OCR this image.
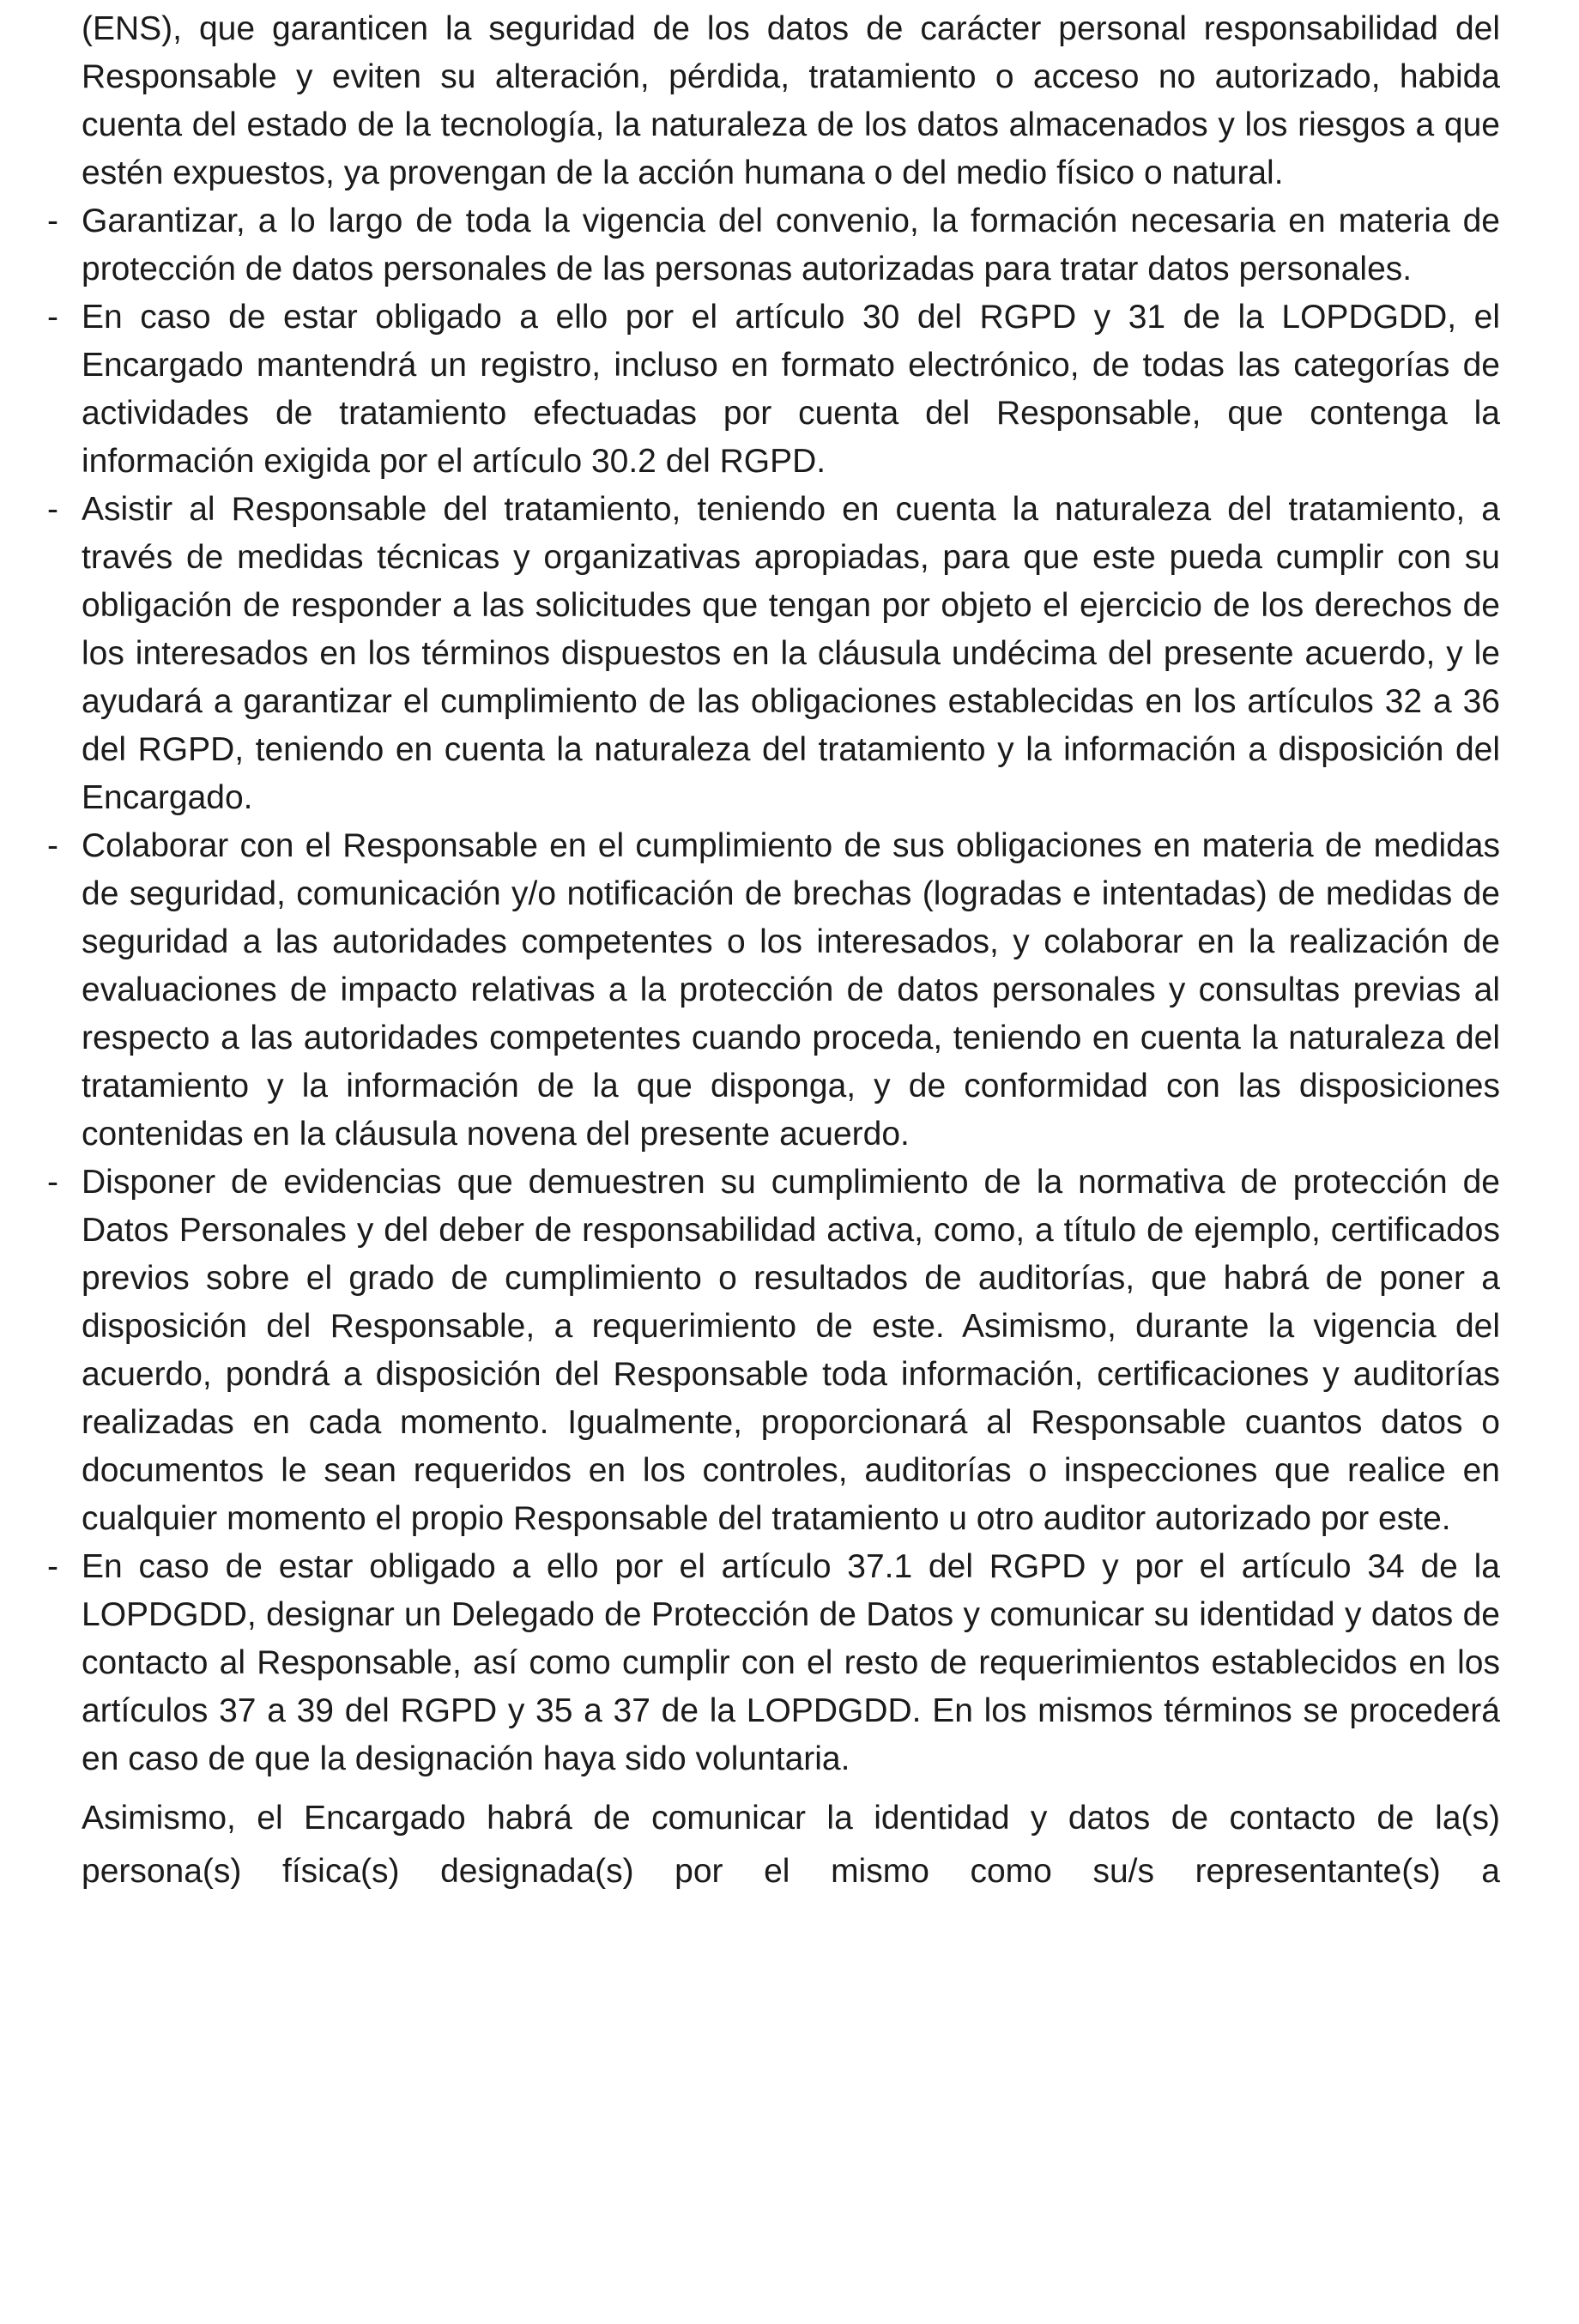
(ENS), que garanticen la seguridad de los datos de carácter personal responsabilidad del Responsable y eviten su alteración, pérdida, tratamiento o acceso no autorizado, habida cuenta del estado de la tecnología, la naturaleza de los datos almacenados y los riesgos a que estén expuestos, ya provengan de la acción humana o del medio físico o natural.
- Garantizar, a lo largo de toda la vigencia del convenio, la formación necesaria en materia de protección de datos personales de las personas autorizadas para tratar datos personales.
- En caso de estar obligado a ello por el artículo 30 del RGPD y 31 de la LOPDGDD, el Encargado mantendrá un registro, incluso en formato electrónico, de todas las categorías de actividades de tratamiento efectuadas por cuenta del Responsable, que contenga la información exigida por el artículo 30.2 del RGPD.
- Asistir al Responsable del tratamiento, teniendo en cuenta la naturaleza del tratamiento, a través de medidas técnicas y organizativas apropiadas, para que este pueda cumplir con su obligación de responder a las solicitudes que tengan por objeto el ejercicio de los derechos de los interesados en los términos dispuestos en la cláusula undécima del presente acuerdo, y le ayudará a garantizar el cumplimiento de las obligaciones establecidas en los artículos 32 a 36 del RGPD, teniendo en cuenta la naturaleza del tratamiento y la información a disposición del Encargado.
- Colaborar con el Responsable en el cumplimiento de sus obligaciones en materia de medidas de seguridad, comunicación y/o notificación de brechas (logradas e intentadas) de medidas de seguridad a las autoridades competentes o los interesados, y colaborar en la realización de evaluaciones de impacto relativas a la protección de datos personales y consultas previas al respecto a las autoridades competentes cuando proceda, teniendo en cuenta la naturaleza del tratamiento y la información de la que disponga, y de conformidad con las disposiciones contenidas en la cláusula novena del presente acuerdo.
- Disponer de evidencias que demuestren su cumplimiento de la normativa de protección de Datos Personales y del deber de responsabilidad activa, como, a título de ejemplo, certificados previos sobre el grado de cumplimiento o resultados de auditorías, que habrá de poner a disposición del Responsable, a requerimiento de este. Asimismo, durante la vigencia del acuerdo, pondrá a disposición del Responsable toda información, certificaciones y auditorías realizadas en cada momento. Igualmente, proporcionará al Responsable cuantos datos o documentos le sean requeridos en los controles, auditorías o inspecciones que realice en cualquier momento el propio Responsable del tratamiento u otro auditor autorizado por este.
- En caso de estar obligado a ello por el artículo 37.1 del RGPD y por el artículo 34 de la LOPDGDD, designar un Delegado de Protección de Datos y comunicar su identidad y datos de contacto al Responsable, así como cumplir con el resto de requerimientos establecidos en los artículos 37 a 39 del RGPD y 35 a 37 de la LOPDGDD. En los mismos términos se procederá en caso de que la designación haya sido voluntaria.
Asimismo, el Encargado habrá de comunicar la identidad y datos de contacto de la(s) persona(s) física(s) designada(s) por el mismo como su/s representante(s) a
